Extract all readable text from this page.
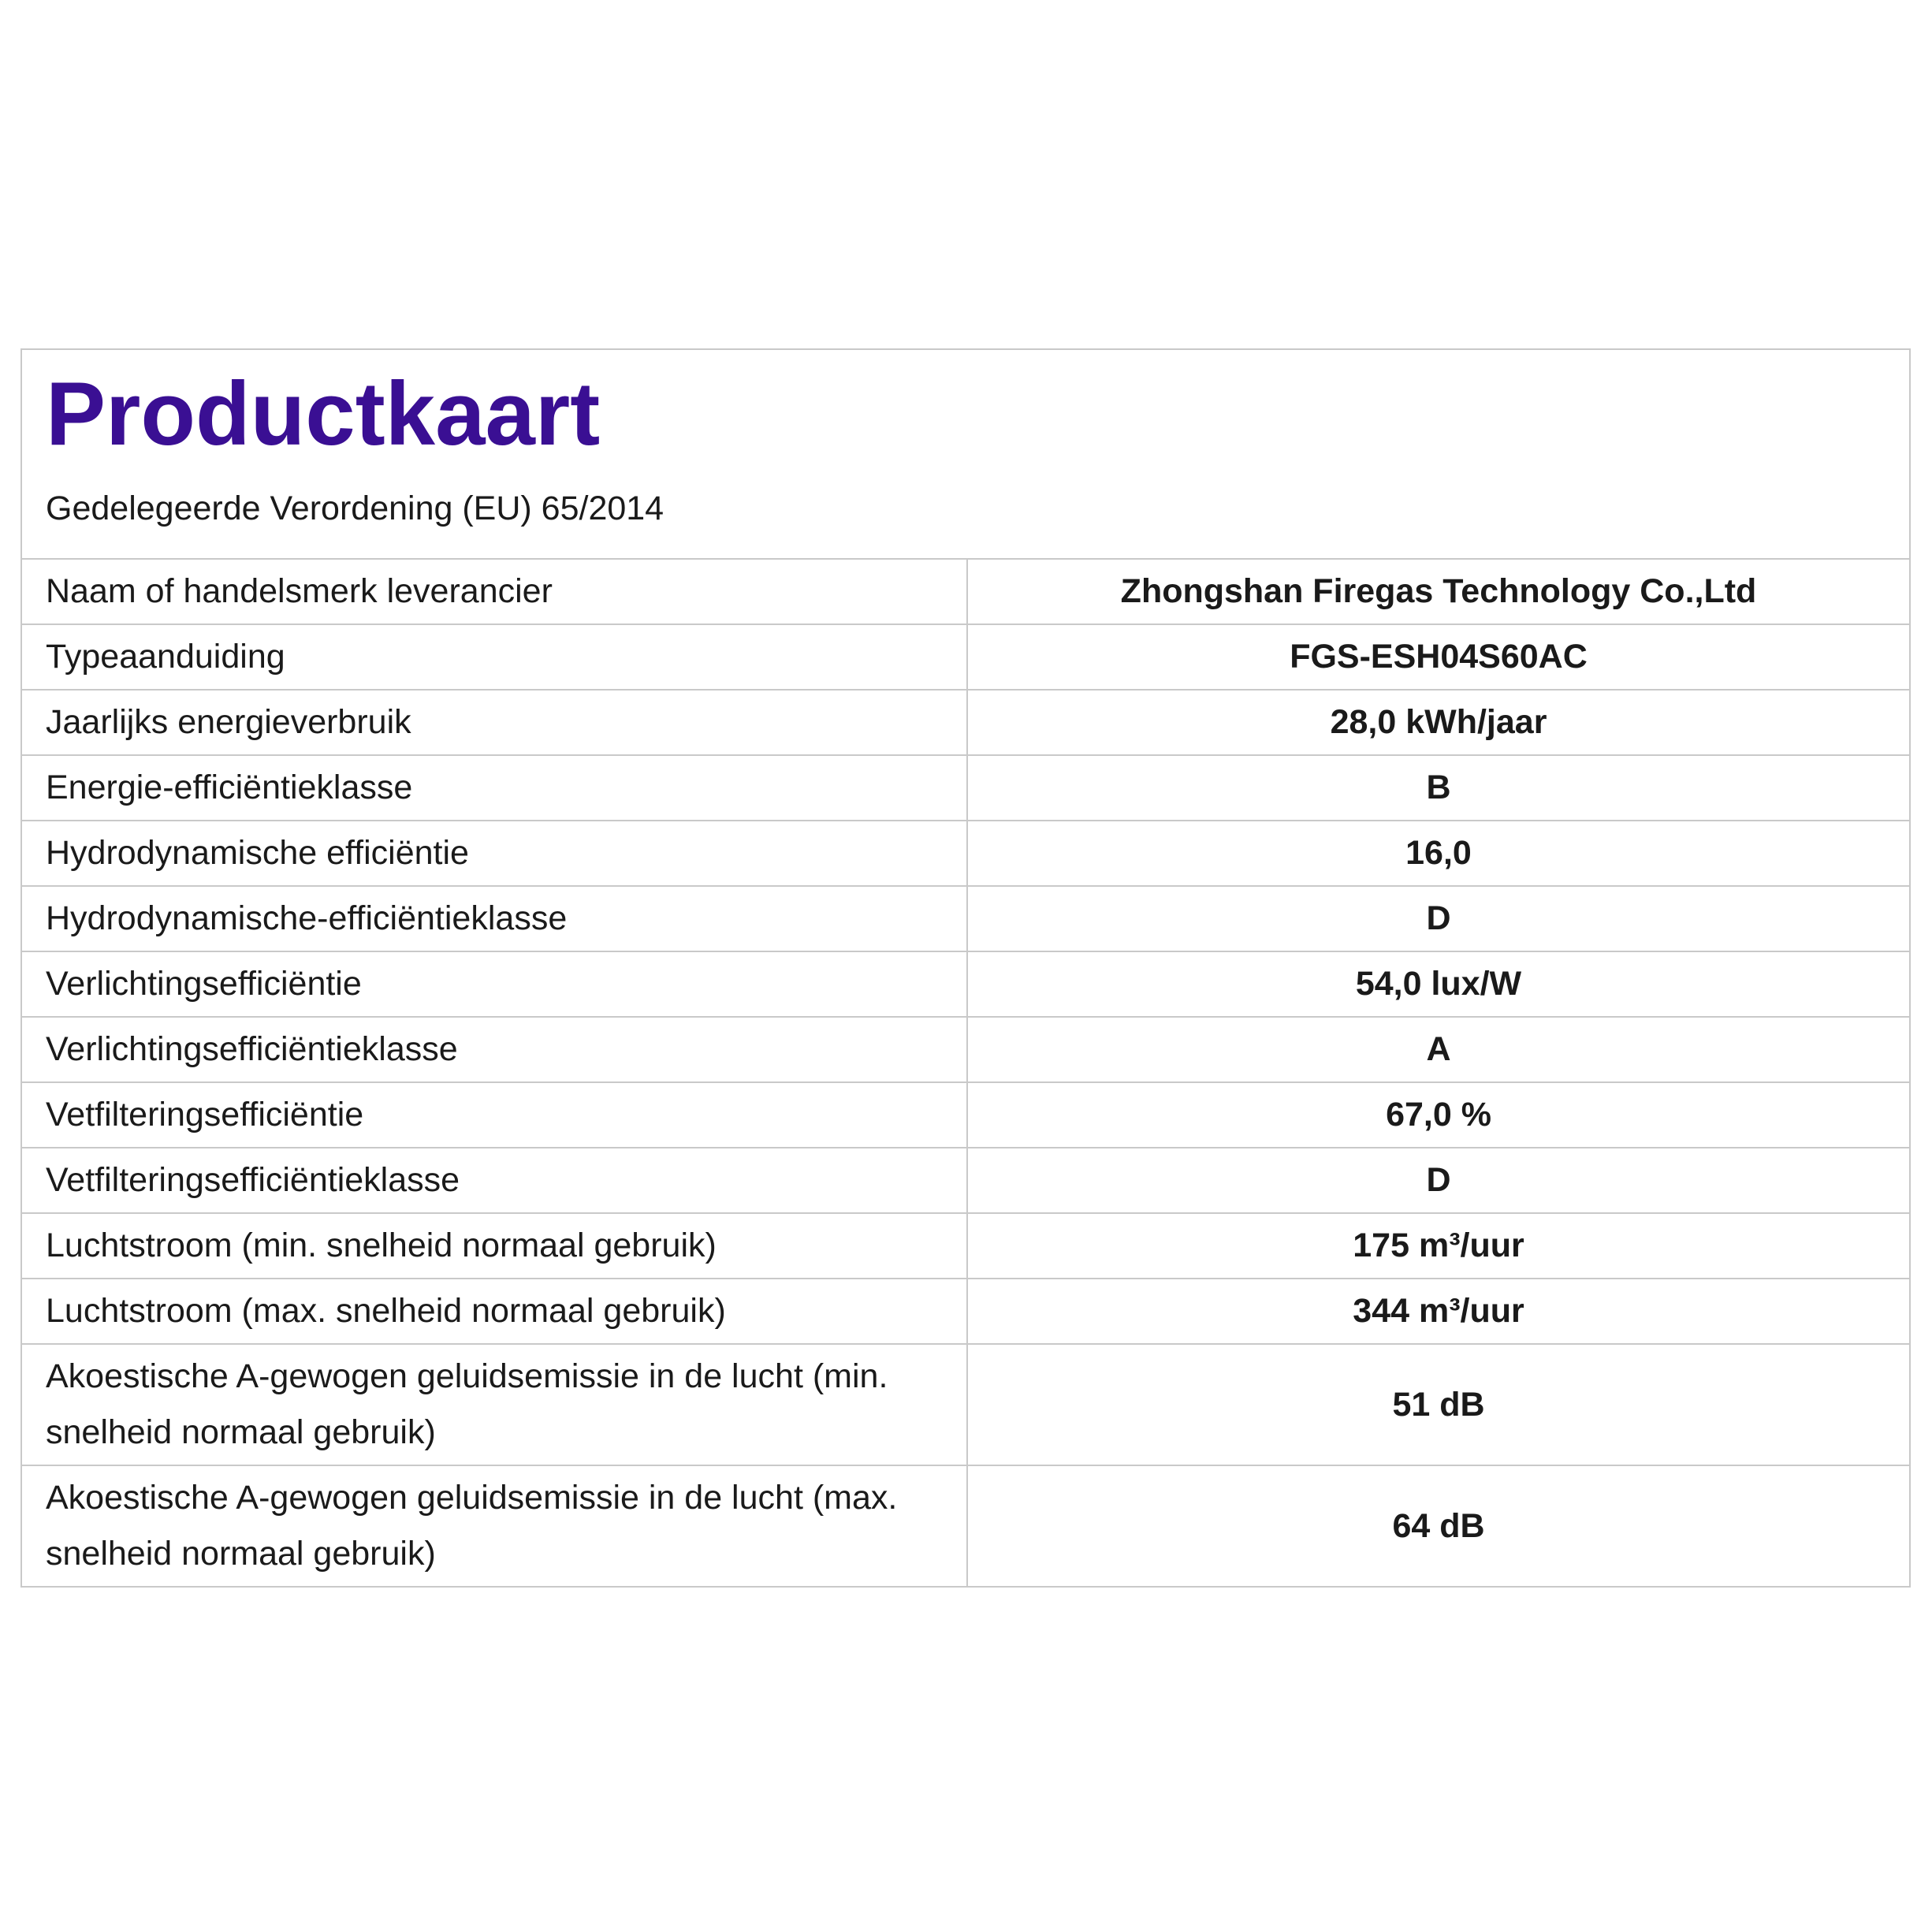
Productkaart
Gedelegeerde Verordening (EU) 65/2014
Naam of handelsmerk leverancier	Zhongshan Firegas Technology Co.,Ltd
Typeaanduiding	FGS-ESH04S60AC
Jaarlijks energieverbruik	28,0 kWh/jaar
Energie-efficiëntieklasse	B
Hydrodynamische efficiëntie	16,0
Hydrodynamische-efficiëntieklasse	D
Verlichtingsefficiëntie	54,0 lux/W
Verlichtingsefficiëntieklasse	A
Vetfilteringsefficiëntie	67,0 %
Vetfilteringsefficiëntieklasse	D
Luchtstroom (min. snelheid normaal gebruik)	175 m³/uur
Luchtstroom (max. snelheid normaal gebruik)	344 m³/uur
Akoestische A-gewogen geluidsemissie in de lucht (min. snelheid normaal gebruik)	51 dB
Akoestische A-gewogen geluidsemissie in de lucht (max. snelheid normaal gebruik)	64 dB
